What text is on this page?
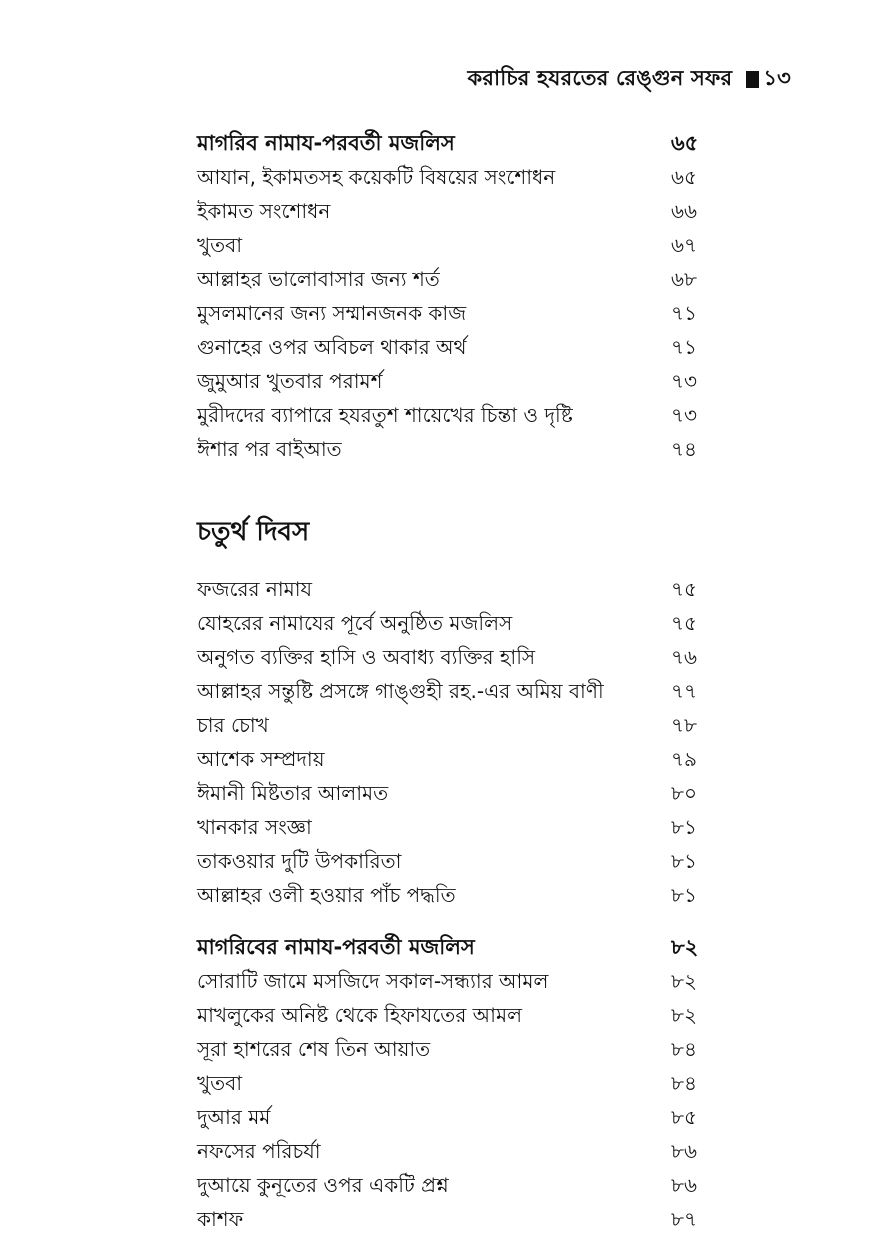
করাচির হযরতের রেঙ্গুন সফর ১৩
মাগরিব নামায-পরবর্তী মজলিস	৬৫
আযান, ইকামতসহ কয়েকটি বিষয়ের সংশোধন	৬৫
ইকামত সংশোধন	৬৬
খুতবা	৬৭
আল্লাহর ভালোবাসার জন্য শর্ত	৬৮
মুসলমানের জন্য সম্মানজনক কাজ	৭১
গুনাহের ওপর অবিচল থাকার অর্থ	৭১
জুমুআর খুতবার পরামর্শ	৭৩
মুরীদদের ব্যাপারে হযরতুশ শায়েখের চিন্তা ও দৃষ্টি	৭৩
ঈশার পর বাইআত	৭৪
চতুর্থ দিবস
ফজরের নামায	৭৫
যোহরের নামাযের পূর্বে অনুষ্ঠিত মজলিস	৭৫
অনুগত ব্যক্তির হাসি ও অবাধ্য ব্যক্তির হাসি	৭৬
আল্লাহর সন্তুষ্টি প্রসঙ্গে গাঙ্গুহী রহ.-এর অমিয় বাণী	৭৭
চার চোখ	৭৮
আশেক সম্প্রদায়	৭৯
ঈমানী মিষ্টতার আলামত	৮০
খানকার সংজ্ঞা	৮১
তাকওয়ার দুটি উপকারিতা	৮১
আল্লাহর ওলী হওয়ার পাঁচ পদ্ধতি	৮১
মাগরিবের নামায-পরবর্তী মজলিস	৮২
সোরাটি জামে মসজিদে সকাল-সন্ধ্যার আমল	৮২
মাখলুকের অনিষ্ট থেকে হিফাযতের আমল	৮২
সূরা হাশরের শেষ তিন আয়াত	৮৪
খুতবা	৮৪
দুআর মর্ম	৮৫
নফসের পরিচর্যা	৮৬
দুআয়ে কুনূতের ওপর একটি প্রশ্ন	৮৬
কাশফ	৮৭
